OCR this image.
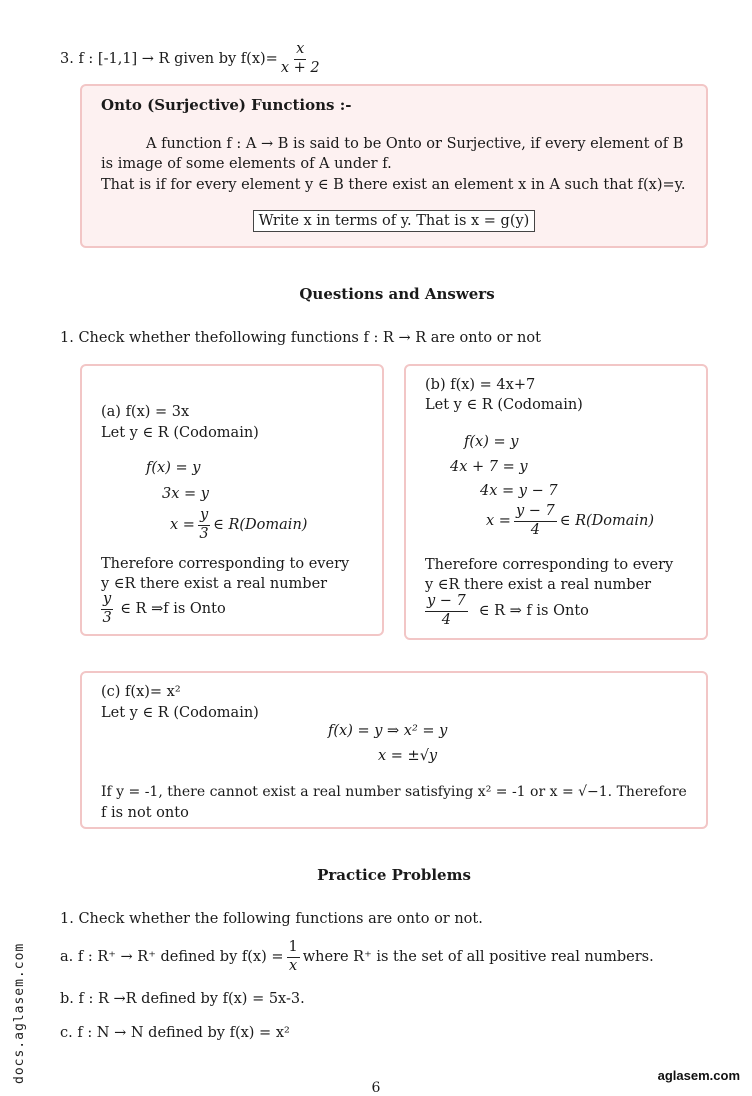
3. f : [-1,1] → R given by $f(x)= \frac{x}{x + 2}$
Onto (Surjective) Functions :-
A function f : A → B is said to be Onto or Surjective, if every element of B
is image of some elements of A under f.
That is if for every element y ∈ B there exist an element x in A such that f(x)=y.
Write x in terms of y. That is x = g(y)
Questions and Answers
1. Check whether thefollowing functions f : R → R are onto or not
(a) f(x) = 3x
Let y ∈ R (Codomain)
f(x) = y
3x = y
$x = \frac{y}{3}$ ∈ R(Domain)
Therefore corresponding to every
y ∈R there exist a real number
$\frac{y}{3}$ ∈ R ⇒f is Onto
(b) f(x) = 4x+7
Let y ∈ R (Codomain)
f(x) = y
4x + 7 = y
4x = y − 7
$x = \frac{y - 7}{4}$ ∈ R(Domain)
Therefore corresponding to every
y ∈R there exist a real number
$\frac{y - 7}{4}$ ∈ R ⇒ f is Onto
(c) f(x)= x²
Let y ∈ R (Codomain)
f(x) = y ⇒ x² = y
x = ±√y
If y = -1, there cannot exist a real number satisfying x² = -1 or x = √−1. Therefore
f is not onto
Practice Problems
1. Check whether the following functions are onto or not.
a. f : R⁺ → R⁺ defined by $f(x) = \frac{1}{x}$ where R⁺ is the set of all positive real numbers.
b. f : R →R defined by f(x) = 5x-3.
c. f : N → N defined by f(x) = x²
docs.aglasem.com
6
aglasem.com
